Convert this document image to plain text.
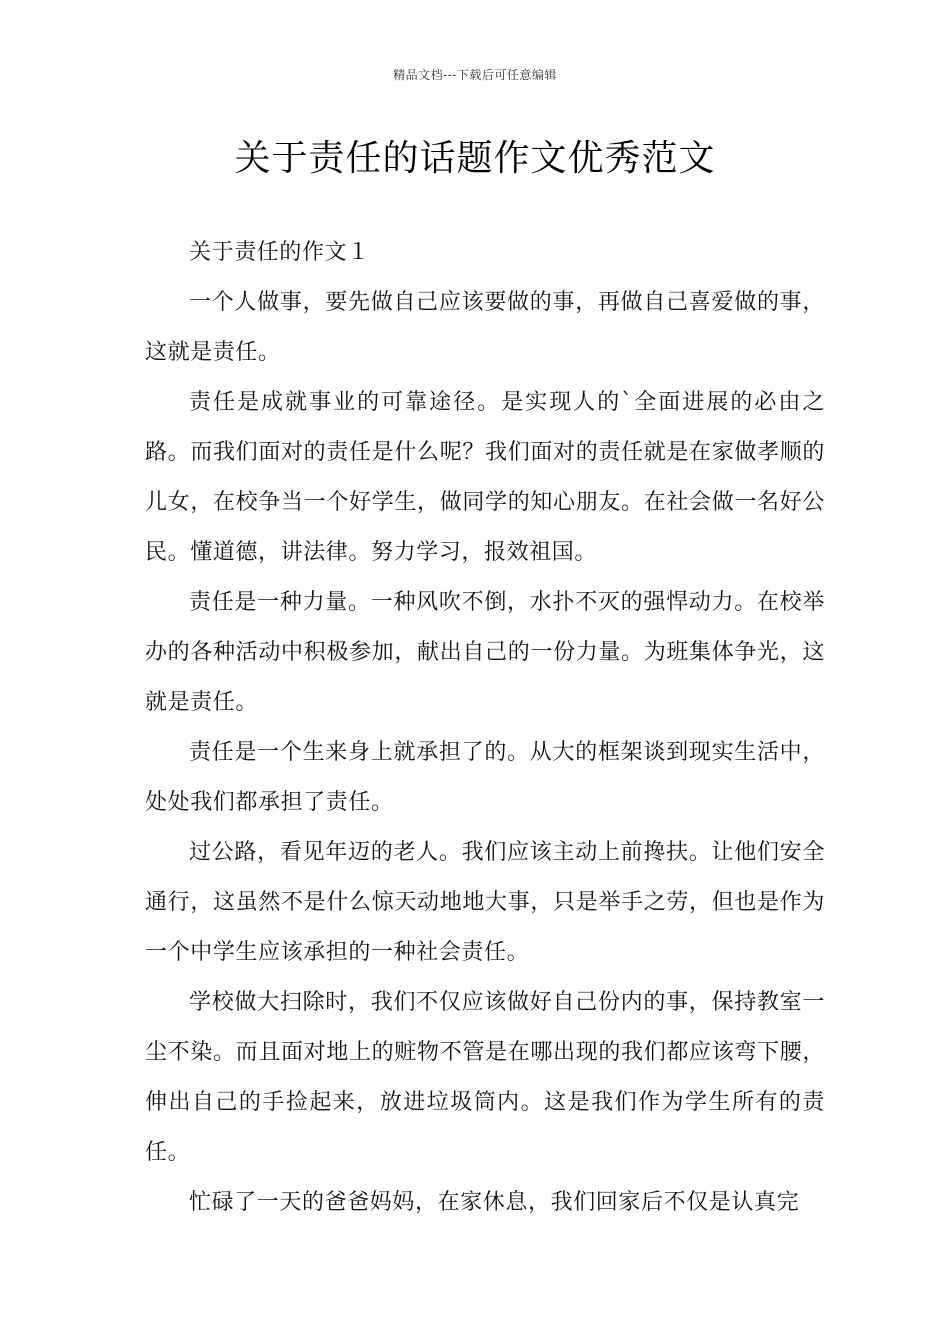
精品文档---下载后可任意编辑
关于责任的话题作文优秀范文

关于责任的作文１

一个人做事，要先做自己应该要做的事，再做自己喜爱做的事，这就是责任。

责任是成就事业的可靠途径。是实现人的`全面进展的必由之路。而我们面对的责任是什么呢？我们面对的责任就是在家做孝顺的儿女，在校争当一个好学生，做同学的知心朋友。在社会做一名好公民。懂道德，讲法律。努力学习，报效祖国。

责任是一种力量。一种风吹不倒，水扑不灭的强悍动力。在校举办的各种活动中积极参加，献出自己的一份力量。为班集体争光，这就是责任。

责任是一个生来身上就承担了的。从大的框架谈到现实生活中，处处我们都承担了责任。

过公路，看见年迈的老人。我们应该主动上前搀扶。让他们安全通行，这虽然不是什么惊天动地地大事，只是举手之劳，但也是作为一个中学生应该承担的一种社会责任。

学校做大扫除时，我们不仅应该做好自己份内的事，保持教室一尘不染。而且面对地上的赃物不管是在哪出现的我们都应该弯下腰，伸出自己的手捡起来，放进垃圾筒内。这是我们作为学生所有的责任。

忙碌了一天的爸爸妈妈，在家休息，我们回家后不仅是认真完
